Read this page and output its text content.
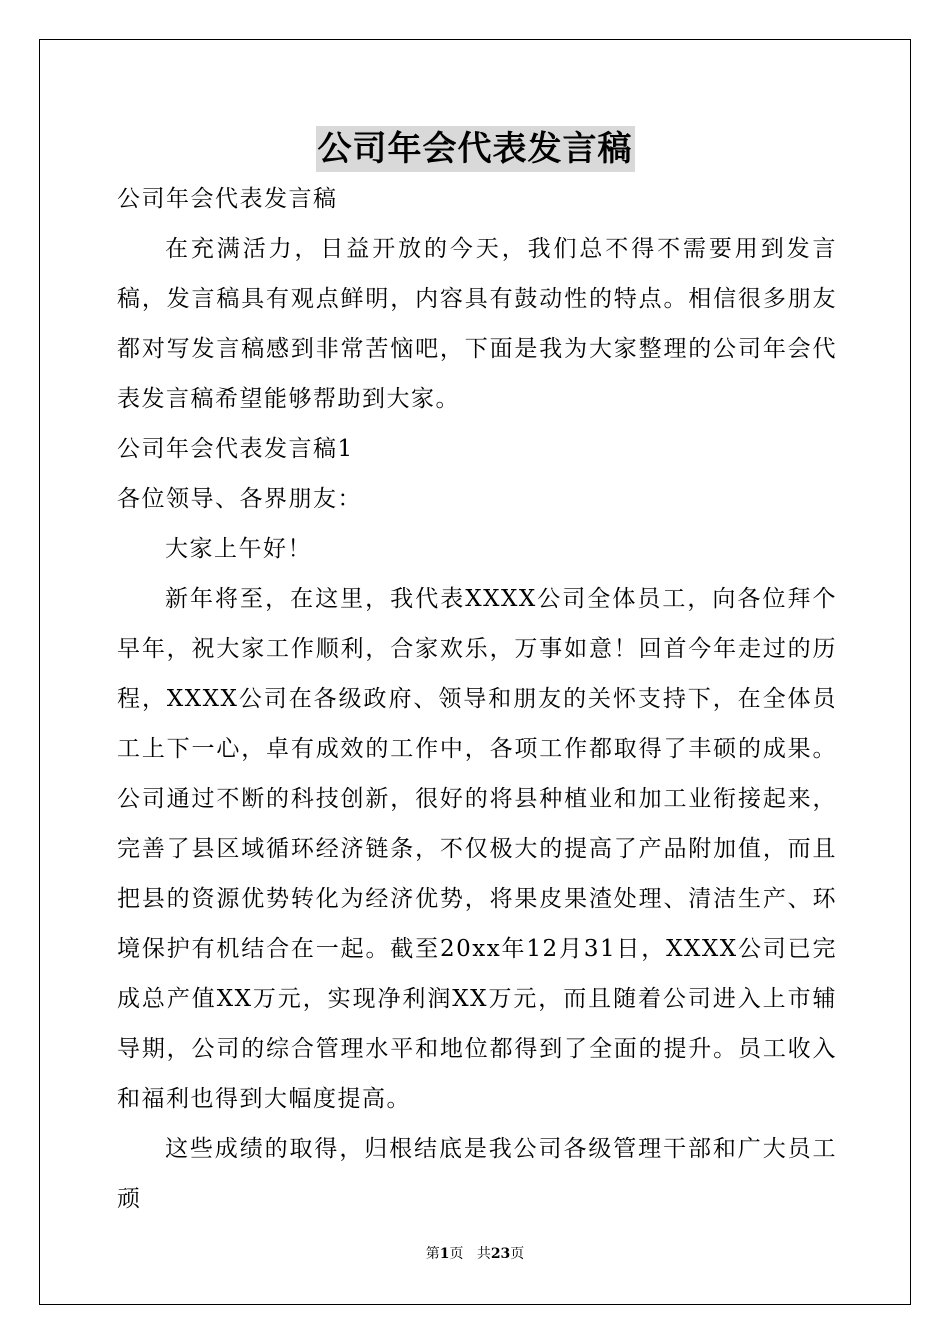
公司年会代表发言稿

公司年会代表发言稿

在充满活力，日益开放的今天，我们总不得不需要用到发言稿，发言稿具有观点鲜明，内容具有鼓动性的特点。相信很多朋友都对写发言稿感到非常苦恼吧，下面是我为大家整理的公司年会代表发言稿希望能够帮助到大家。

公司年会代表发言稿1

各位领导、各界朋友：

大家上午好！

新年将至，在这里，我代表XXXX公司全体员工，向各位拜个早年，祝大家工作顺利，合家欢乐，万事如意！回首今年走过的历程，XXXX公司在各级政府、领导和朋友的关怀支持下，在全体员工上下一心，卓有成效的工作中，各项工作都取得了丰硕的成果。公司通过不断的科技创新，很好的将县种植业和加工业衔接起来，完善了县区域循环经济链条，不仅极大的提高了产品附加值，而且把县的资源优势转化为经济优势，将果皮果渣处理、清洁生产、环境保护有机结合在一起。截至20xx年12月31日，XXXX公司已完成总产值XX万元，实现净利润XX万元，而且随着公司进入上市辅导期，公司的综合管理水平和地位都得到了全面的提升。员工收入和福利也得到大幅度提高。

这些成绩的取得，归根结底是我公司各级管理干部和广大员工顽

第1页 共23页
